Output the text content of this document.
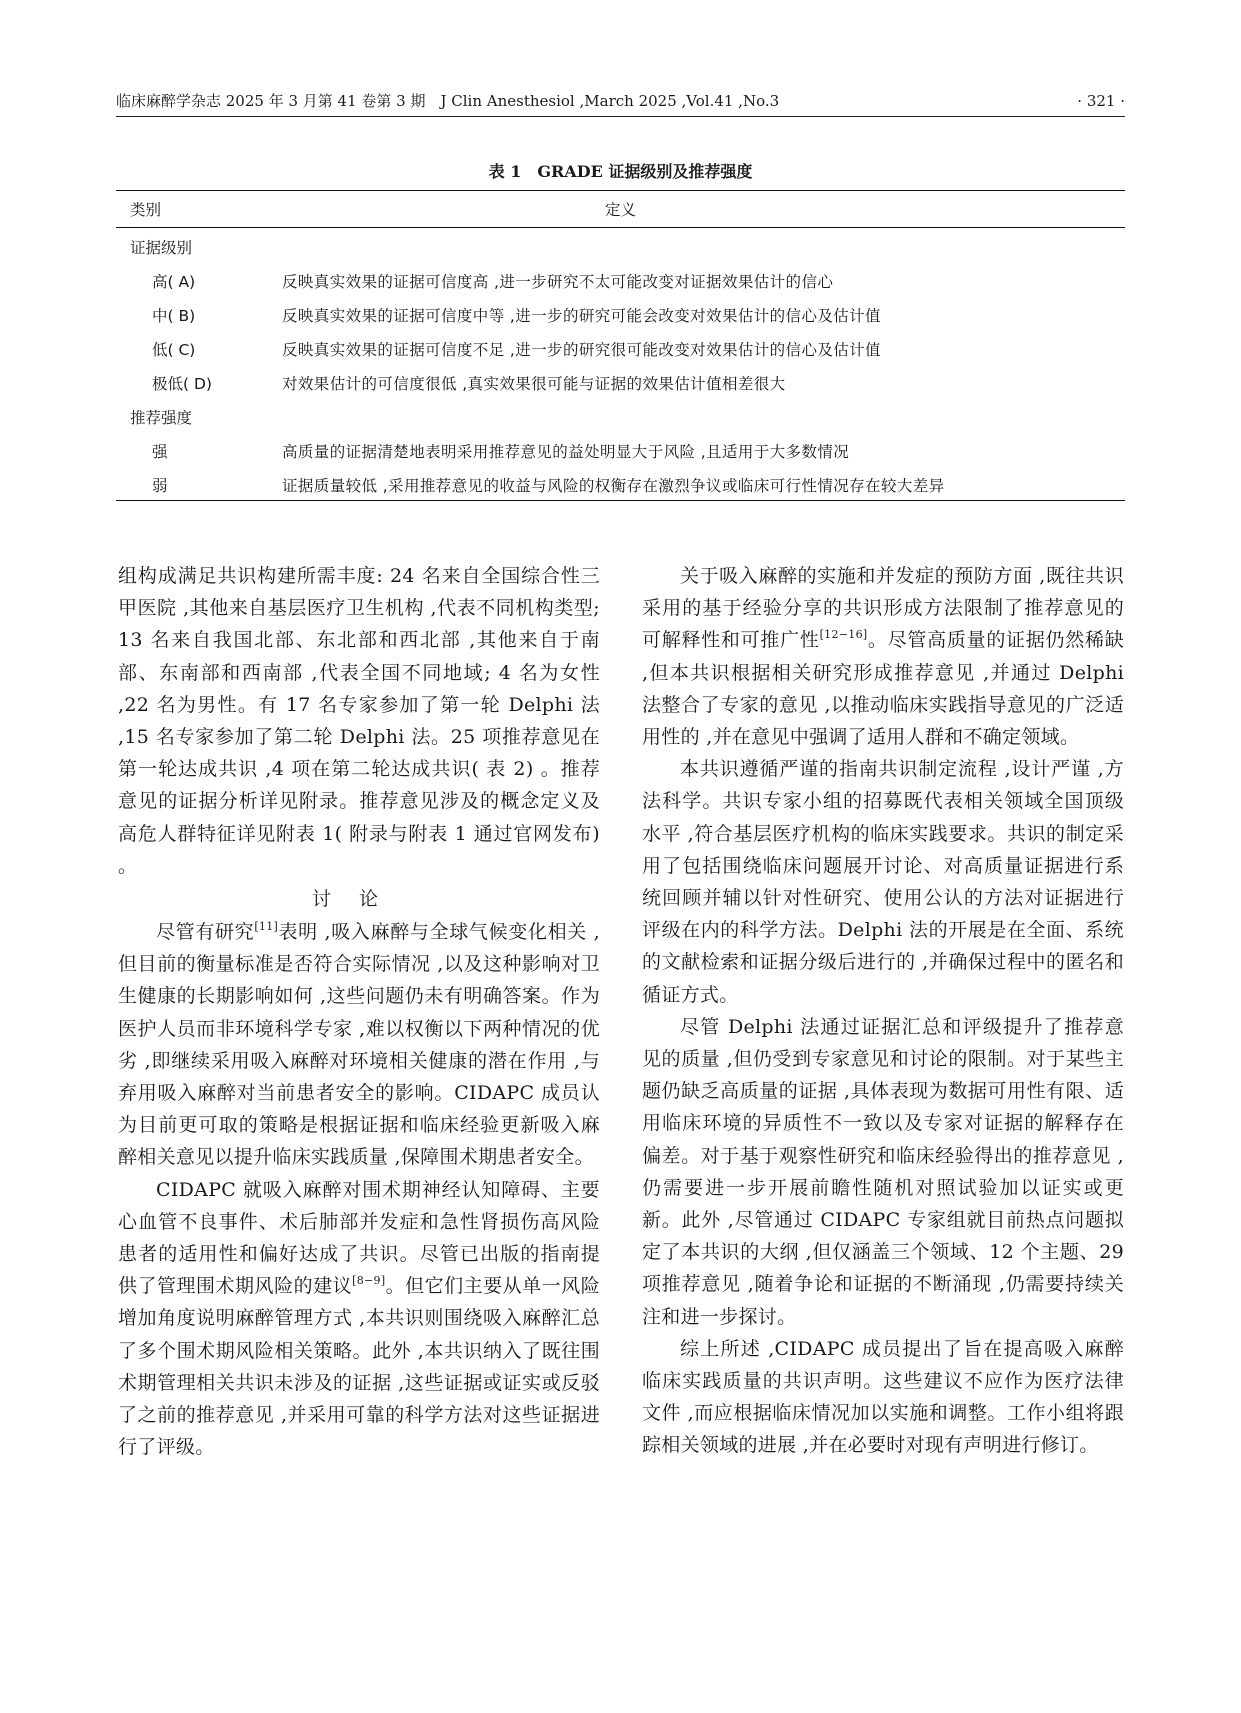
临床麻醉学杂志 2025 年 3 月第 41 卷第 3 期　J Clin Anesthesiol ,March 2025 ,Vol.41 ,No.3	· 321 ·
表 1　GRADE 证据级别及推荐强度
类别	定义
证据级别
高( A)	反映真实效果的证据可信度高 ,进一步研究不太可能改变对证据效果估计的信心
中( B)	反映真实效果的证据可信度中等 ,进一步的研究可能会改变对效果估计的信心及估计值
低( C)	反映真实效果的证据可信度不足 ,进一步的研究很可能改变对效果估计的信心及估计值
极低( D)	对效果估计的可信度很低 ,真实效果很可能与证据的效果估计值相差很大
推荐强度
强	高质量的证据清楚地表明采用推荐意见的益处明显大于风险 ,且适用于大多数情况
弱	证据质量较低 ,采用推荐意见的收益与风险的权衡存在激烈争议或临床可行性情况存在较大差异

组构成满足共识构建所需丰度: 24 名来自全国综合性三甲医院 ,其他来自基层医疗卫生机构 ,代表不同机构类型; 13 名来自我国北部、东北部和西北部 ,其他来自于南部、东南部和西南部 ,代表全国不同地域; 4 名为女性 ,22 名为男性。有 17 名专家参加了第一轮 Delphi 法 ,15 名专家参加了第二轮 Delphi 法。25 项推荐意见在第一轮达成共识 ,4 项在第二轮达成共识( 表 2) 。推荐意见的证据分析详见附录。推荐意见涉及的概念定义及高危人群特征详见附表 1( 附录与附表 1 通过官网发布) 。

讨论

尽管有研究[11]表明 ,吸入麻醉与全球气候变化相关 ,但目前的衡量标准是否符合实际情况 ,以及这种影响对卫生健康的长期影响如何 ,这些问题仍未有明确答案。作为医护人员而非环境科学专家 ,难以权衡以下两种情况的优劣 ,即继续采用吸入麻醉对环境相关健康的潜在作用 ,与弃用吸入麻醉对当前患者安全的影响。CIDAPC 成员认为目前更可取的策略是根据证据和临床经验更新吸入麻醉相关意见以提升临床实践质量 ,保障围术期患者安全。

CIDAPC 就吸入麻醉对围术期神经认知障碍、主要心血管不良事件、术后肺部并发症和急性肾损伤高风险患者的适用性和偏好达成了共识。尽管已出版的指南提供了管理围术期风险的建议[8−9]。但它们主要从单一风险增加角度说明麻醉管理方式 ,本共识则围绕吸入麻醉汇总了多个围术期风险相关策略。此外 ,本共识纳入了既往围术期管理相关共识未涉及的证据 ,这些证据或证实或反驳了之前的推荐意见 ,并采用可靠的科学方法对这些证据进行了评级。

关于吸入麻醉的实施和并发症的预防方面 ,既往共识采用的基于经验分享的共识形成方法限制了推荐意见的可解释性和可推广性[12−16]。尽管高质量的证据仍然稀缺 ,但本共识根据相关研究形成推荐意见 ,并通过 Delphi 法整合了专家的意见 ,以推动临床实践指导意见的广泛适用性的 ,并在意见中强调了适用人群和不确定领域。

本共识遵循严谨的指南共识制定流程 ,设计严谨 ,方法科学。共识专家小组的招募既代表相关领域全国顶级水平 ,符合基层医疗机构的临床实践要求。共识的制定采用了包括围绕临床问题展开讨论、对高质量证据进行系统回顾并辅以针对性研究、使用公认的方法对证据进行评级在内的科学方法。Delphi 法的开展是在全面、系统的文献检索和证据分级后进行的 ,并确保过程中的匿名和循证方式。

尽管 Delphi 法通过证据汇总和评级提升了推荐意见的质量 ,但仍受到专家意见和讨论的限制。对于某些主题仍缺乏高质量的证据 ,具体表现为数据可用性有限、适用临床环境的异质性不一致以及专家对证据的解释存在偏差。对于基于观察性研究和临床经验得出的推荐意见 ,仍需要进一步开展前瞻性随机对照试验加以证实或更新。此外 ,尽管通过 CIDAPC 专家组就目前热点问题拟定了本共识的大纲 ,但仅涵盖三个领域、12 个主题、29 项推荐意见 ,随着争论和证据的不断涌现 ,仍需要持续关注和进一步探讨。

综上所述 ,CIDAPC 成员提出了旨在提高吸入麻醉临床实践质量的共识声明。这些建议不应作为医疗法律文件 ,而应根据临床情况加以实施和调整。工作小组将跟踪相关领域的进展 ,并在必要时对现有声明进行修订。
